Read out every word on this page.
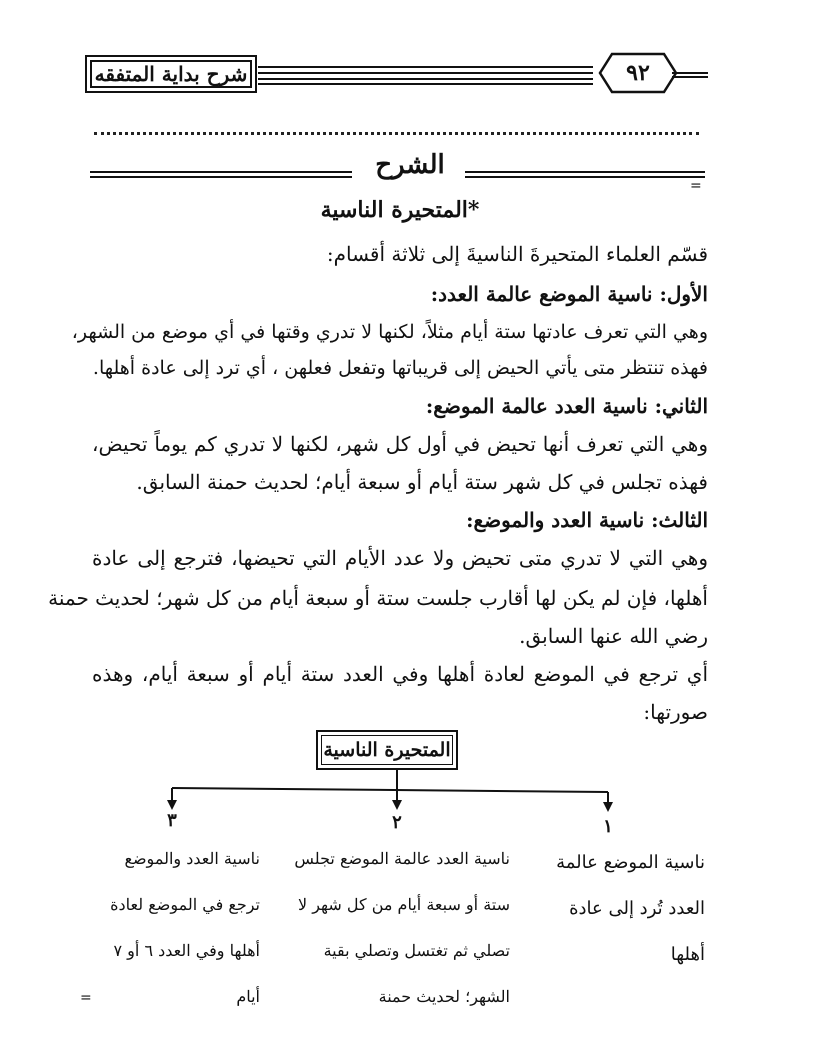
شرح بداية المتفقه	٩٢
الشرح
=
*المتحيرة الناسية
قسّم العلماء المتحيرةَ الناسيةَ إلى ثلاثة أقسام:
الأول: ناسية الموضع عالمة العدد:
وهي التي تعرف عادتها ستة أيام مثلاً، لكنها لا تدري وقتها في أي موضع من الشهر،
فهذه تنتظر متى يأتي الحيض إلى قريباتها وتفعل فعلهن ، أي ترد إلى عادة أهلها.
الثاني: ناسية العدد عالمة الموضع:
وهي التي تعرف أنها تحيض في أول كل شهر، لكنها لا تدري كم يوماً تحيض،
فهذه تجلس في كل شهر ستة أيام أو سبعة أيام؛ لحديث حمنة السابق.
الثالث: ناسية العدد والموضع:
وهي التي لا تدري متى تحيض ولا عدد الأيام التي تحيضها، فترجع إلى عادة
أهلها، فإن لم يكن لها أقارب جلست ستة أو سبعة أيام من كل شهر؛ لحديث حمنة
رضي الله عنها السابق.
أي ترجع في الموضع لعادة أهلها وفي العدد ستة أيام أو سبعة أيام، وهذه
صورتها:
المتحيرة الناسية
١
٢
٣
ناسية الموضع عالمة
العدد تُرد إلى عادة
أهلها
ناسية العدد عالمة الموضع تجلس
ستة أو سبعة أيام من كل شهر لا
تصلي ثم تغتسل وتصلي بقية
الشهر؛ لحديث حمنة
ناسية العدد والموضع
ترجع في الموضع لعادة
أهلها وفي العدد ٦ أو ٧
أيام
=
